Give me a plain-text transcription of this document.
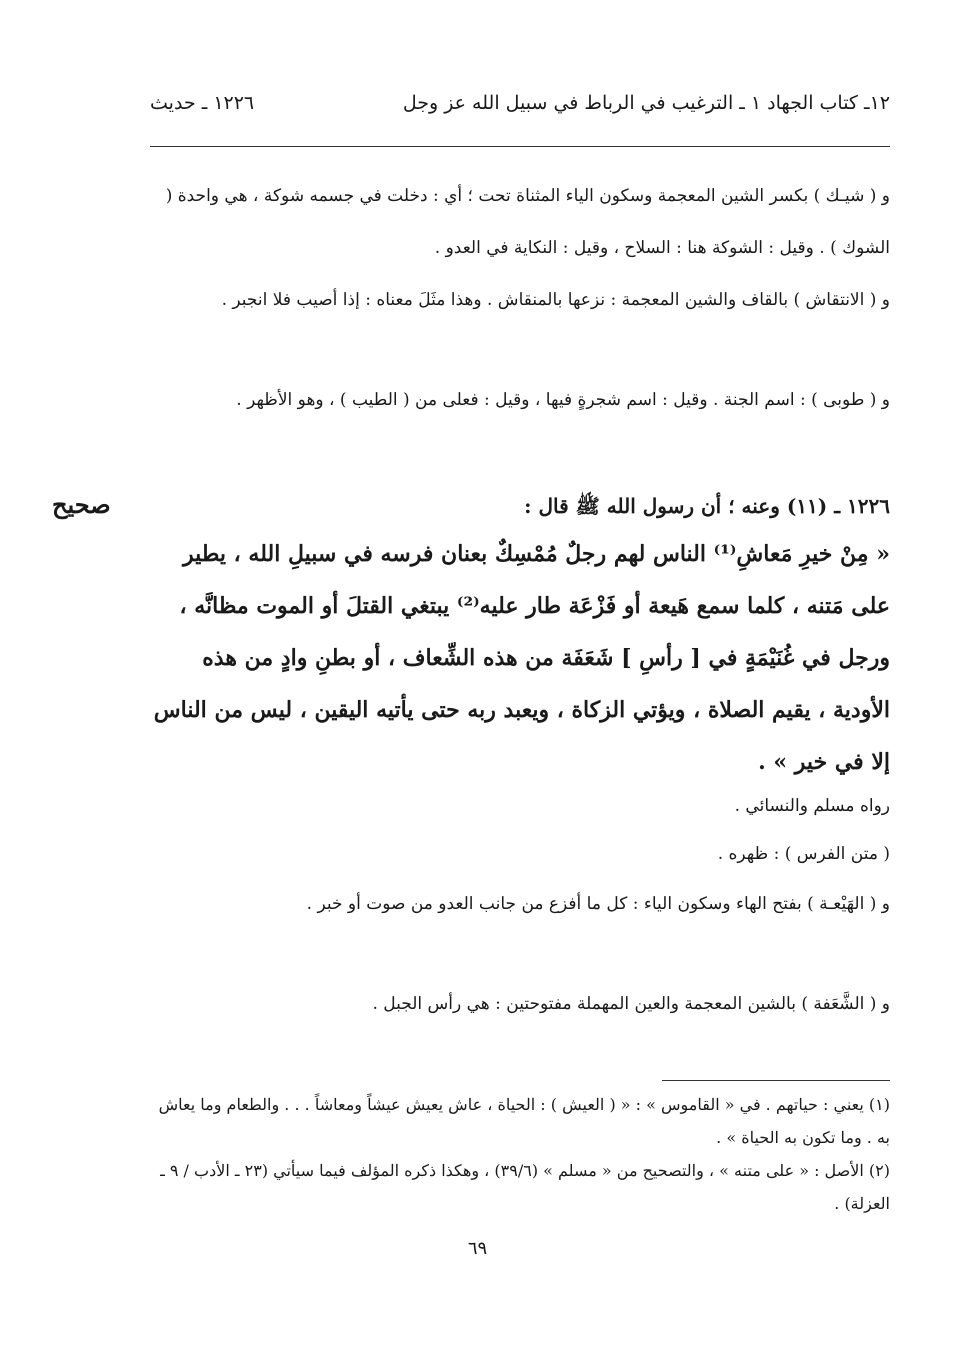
١٢ـ كتاب الجهاد ١ ـ الترغيب في الرباط في سبيل الله عز وجل
١٢٢٦ ـ حديث
و ( شيـك ) بكسر الشين المعجمة وسكون الياء المثناة تحت ؛ أي : دخلت في جسمه شوكة ، هي واحدة ( الشوك ) . وقيل : الشوكة هنا : السلاح ، وقيل : النكاية في العدو .
و ( الانتقاش ) بالقاف والشين المعجمة : نزعها بالمنقاش . وهذا مثَلَ معناه : إذا أصيب فلا انجبر .
و ( طوبى ) : اسم الجنة . وقيل : اسم شجرةٍ فيها ، وقيل : فعلى من ( الطيب ) ، وهو الأظهر .
صحيح	١٢٢٦ ـ (١١) وعنه ؛ أن رسول الله ﷺ قال :
« مِنْ خيرِ مَعاشِ⁽¹⁾ الناس لهم رجلٌ مُمْسِكٌ بعنان فرسه في سبيلِ الله ، يطير على مَتنه ، كلما سمع هَيعة أو فَزْعَة طار عليه⁽²⁾ يبتغي القتلَ أو الموت مظانَّه ، ورجل في غُنَيْمَةٍ في [ رأسِ ] شَعَفَة من هذه الشِّعاف ، أو بطنِ وادٍ من هذه الأودية ، يقيم الصلاة ، ويؤتي الزكاة ، ويعبد ربه حتى يأتيه اليقين ، ليس من الناس إلا في خير » .
رواه مسلم والنسائي .
( متن الفرس ) : ظهره .
و ( الهَيْعـة ) بفتح الهاء وسكون الياء : كل ما أفزع من جانب العدو من صوت أو خبر .
و ( الشَّعَفة ) بالشين المعجمة والعين المهملة مفتوحتين : هي رأس الجبل .
(١) يعني : حياتهم . في « القاموس » : « ( العيش ) : الحياة ، عاش يعيش عيشاً ومعاشاً . . . والطعام وما يعاش به . وما تكون به الحياة » .
(٢) الأصل : « على متنه » ، والتصحيح من « مسلم » (٣٩/٦) ، وهكذا ذكره المؤلف فيما سيأتي (٢٣ ـ الأدب / ٩ ـ العزلة) .
٦٩
